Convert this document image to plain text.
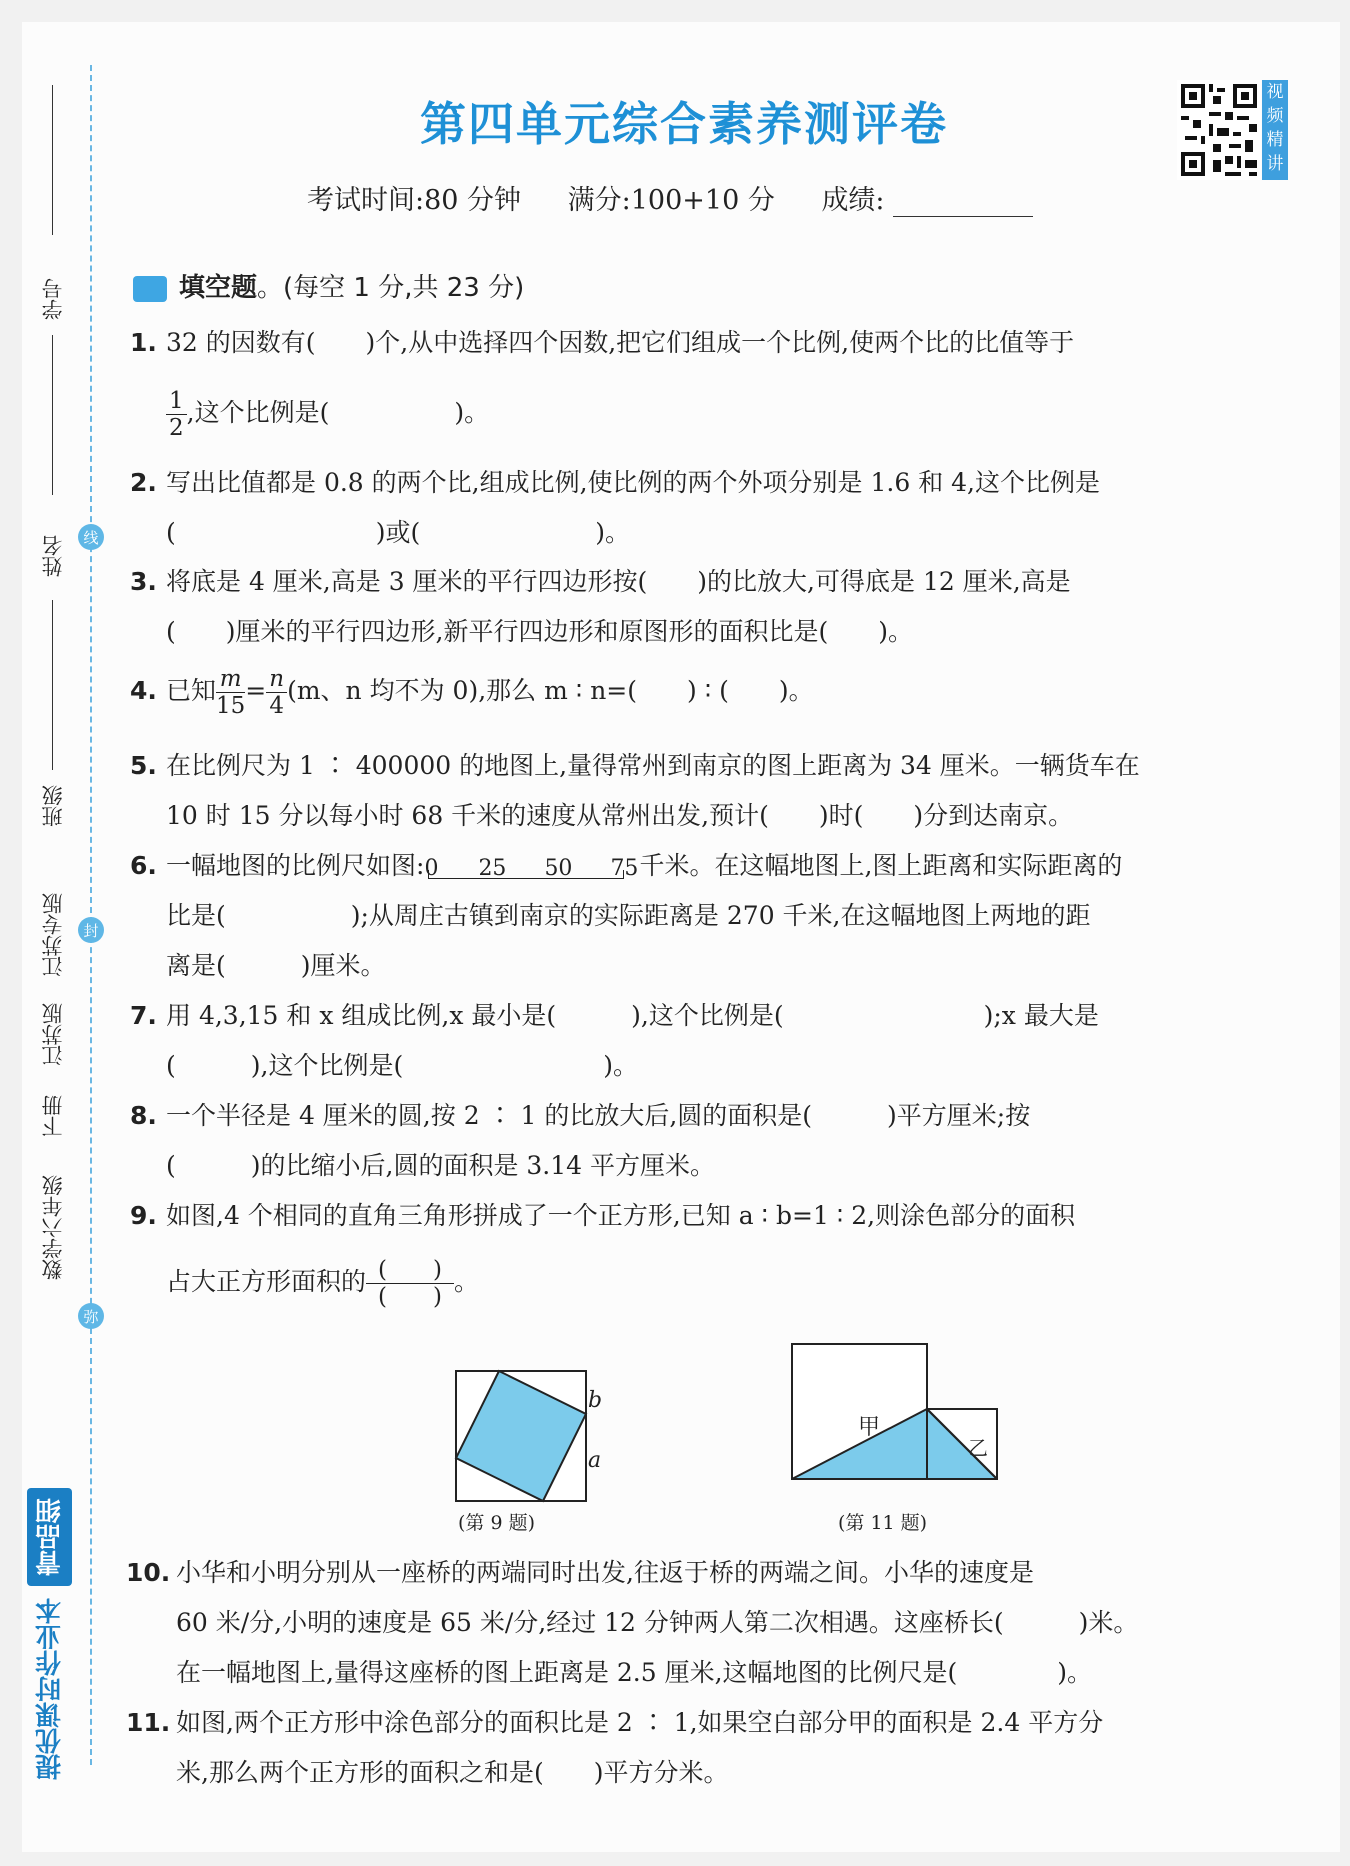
学号
姓名	线
班级
江苏专版	封
江苏版
下册
数学六年级
弥
提优课时作业本
青品细
第四单元综合素养测评卷
视频精讲
考试时间:80 分钟 满分:100+10 分 成绩:
填空题。(每空 1 分,共 23 分)
1. 32 的因数有(　　)个,从中选择四个因数,把它们组成一个比例,使两个比的比值等于
$\frac{1}{2}$ ,这个比例是(　　　　　)。
2. 写出比值都是 0.8 的两个比,组成比例,使比例的两个外项分别是 1.6 和 4,这个比例是
(　　　　　　　　)或(　　　　　　　)。
3. 将底是 4 厘米,高是 3 厘米的平行四边形按(　　)的比放大,可得底是 12 厘米,高是
(　　)厘米的平行四边形,新平行四边形和原图形的面积比是(　　)。
4. 已知 $\frac{m}{15} = \frac{n}{4} (m$、n 均不为 0),那么 m ∶ n=(　　) ∶ (　　)。
5. 在比例尺为 1 ∶ 400000 的地图上,量得常州到南京的图上距离为 34 厘米。一辆货车在
10 时 15 分以每小时 68 千米的速度从常州出发,预计(　　)时(　　)分到达南京。
6. 一幅地图的比例尺如图: 0 25 50 75 千米。在这幅地图上,图上距离和实际距离的
比是(　　　　　);从周庄古镇到南京的实际距离是 270 千米,在这幅地图上两地的距
离是(　　　)厘米。
7. 用 4,3,15 和 x 组成比例,x 最小是(　　　),这个比例是(　　　　　　　　);x 最大是
(　　　),这个比例是(　　　　　　　　)。
8. 一个半径是 4 厘米的圆,按 2 ∶ 1 的比放大后,圆的面积是(　　　)平方厘米;按
(　　　)的比缩小后,圆的面积是 3.14 平方厘米。
9. 如图,4 个相同的直角三角形拼成了一个正方形,已知 a ∶ b=1 ∶ 2,则涂色部分的面积
占大正方形面积的 (　　)
(　　)
。
b
a
(第 9 题)
甲
乙
(第 11 题)
10. 小华和小明分别从一座桥的两端同时出发,往返于桥的两端之间。小华的速度是
60 米/分,小明的速度是 65 米/分,经过 12 分钟两人第二次相遇。这座桥长(　　　)米。
在一幅地图上,量得这座桥的图上距离是 2.5 厘米,这幅地图的比例尺是(　　　　)。
11. 如图,两个正方形中涂色部分的面积比是 2 ∶ 1,如果空白部分甲的面积是 2.4 平方分
米,那么两个正方形的面积之和是(　　)平方分米。
